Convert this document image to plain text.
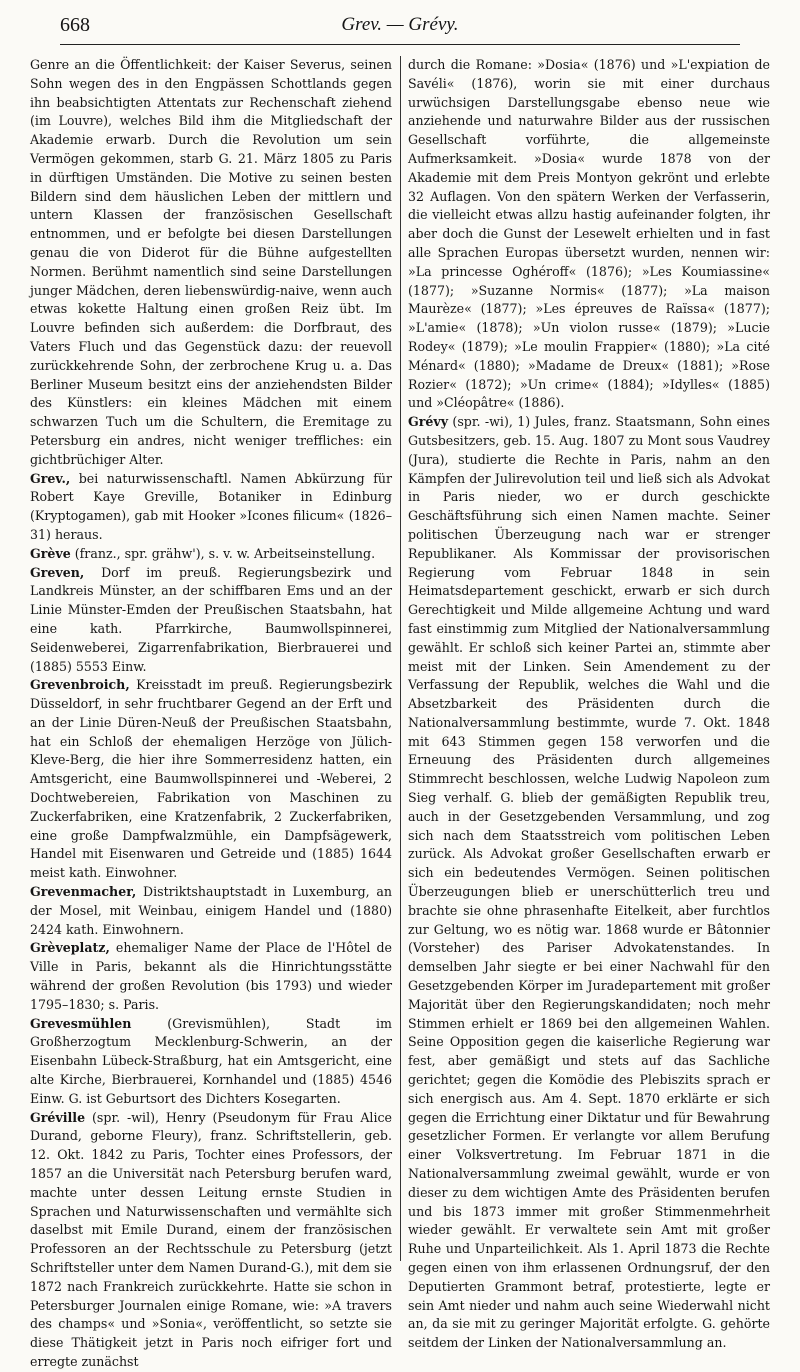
668	Grev. — Grévy.

Genre an die Öffentlichkeit: der Kaiser Severus, seinen Sohn wegen des in den Engpässen Schottlands gegen ihn beabsichtigten Attentats zur Rechenschaft ziehend (im Louvre), welches Bild ihm die Mitgliedschaft der Akademie erwarb. Durch die Revolution um sein Vermögen gekommen, starb G. 21. März 1805 zu Paris in dürftigen Umständen. Die Motive zu seinen besten Bildern sind dem häuslichen Leben der mittlern und untern Klassen der französischen Gesellschaft entnommen, und er befolgte bei diesen Darstellungen genau die von Diderot für die Bühne aufgestellten Normen. Berühmt namentlich sind seine Darstellungen junger Mädchen, deren liebenswürdig-naive, wenn auch etwas kokette Haltung einen großen Reiz übt. Im Louvre befinden sich außerdem: die Dorfbraut, des Vaters Fluch und das Gegenstück dazu: der reuevoll zurückkehrende Sohn, der zerbrochene Krug u. a. Das Berliner Museum besitzt eins der anziehendsten Bilder des Künstlers: ein kleines Mädchen mit einem schwarzen Tuch um die Schultern, die Eremitage zu Petersburg ein andres, nicht weniger treffliches: ein gichtbrüchiger Alter.

Grev., bei naturwissenschaftl. Namen Abkürzung für Robert Kaye Greville, Botaniker in Edinburg (Kryptogamen), gab mit Hooker »Icones filicum« (1826–31) heraus.

Grève (franz., spr. grähw'), s. v. w. Arbeitseinstellung.

Greven, Dorf im preuß. Regierungsbezirk und Landkreis Münster, an der schiffbaren Ems und an der Linie Münster-Emden der Preußischen Staatsbahn, hat eine kath. Pfarrkirche, Baumwollspinnerei, Seidenweberei, Zigarrenfabrikation, Bierbrauerei und (1885) 5553 Einw.

Grevenbroich, Kreisstadt im preuß. Regierungsbezirk Düsseldorf, in sehr fruchtbarer Gegend an der Erft und an der Linie Düren-Neuß der Preußischen Staatsbahn, hat ein Schloß der ehemaligen Herzöge von Jülich-Kleve-Berg, die hier ihre Sommerresidenz hatten, ein Amtsgericht, eine Baumwollspinnerei und -Weberei, 2 Dochtwebereien, Fabrikation von Maschinen zu Zuckerfabriken, eine Kratzenfabrik, 2 Zuckerfabriken, eine große Dampfwalzmühle, ein Dampfsägewerk, Handel mit Eisenwaren und Getreide und (1885) 1644 meist kath. Einwohner.

Grevenmacher, Distriktshauptstadt in Luxemburg, an der Mosel, mit Weinbau, einigem Handel und (1880) 2424 kath. Einwohnern.

Grèveplatz, ehemaliger Name der Place de l'Hôtel de Ville in Paris, bekannt als die Hinrichtungsstätte während der großen Revolution (bis 1793) und wieder 1795–1830; s. Paris.

Grevesmühlen (Grevismühlen), Stadt im Großherzogtum Mecklenburg-Schwerin, an der Eisenbahn Lübeck-Straßburg, hat ein Amtsgericht, eine alte Kirche, Bierbrauerei, Kornhandel und (1885) 4546 Einw. G. ist Geburtsort des Dichters Kosegarten.

Gréville (spr. -wil), Henry (Pseudonym für Frau Alice Durand, geborne Fleury), franz. Schriftstellerin, geb. 12. Okt. 1842 zu Paris, Tochter eines Professors, der 1857 an die Universität nach Petersburg berufen ward, machte unter dessen Leitung ernste Studien in Sprachen und Naturwissenschaften und vermählte sich daselbst mit Emile Durand, einem der französischen Professoren an der Rechtsschule zu Petersburg (jetzt Schriftsteller unter dem Namen Durand-G.), mit dem sie 1872 nach Frankreich zurückkehrte. Hatte sie schon in Petersburger Journalen einige Romane, wie: »A travers des champs« und »Sonia«, veröffentlicht, so setzte sie diese Thätigkeit jetzt in Paris noch eifriger fort und erregte zunächst

durch die Romane: »Dosia« (1876) und »L'expiation de Savéli« (1876), worin sie mit einer durchaus urwüchsigen Darstellungsgabe ebenso neue wie anziehende und naturwahre Bilder aus der russischen Gesellschaft vorführte, die allgemeinste Aufmerksamkeit. »Dosia« wurde 1878 von der Akademie mit dem Preis Montyon gekrönt und erlebte 32 Auflagen. Von den spätern Werken der Verfasserin, die vielleicht etwas allzu hastig aufeinander folgten, ihr aber doch die Gunst der Lesewelt erhielten und in fast alle Sprachen Europas übersetzt wurden, nennen wir: »La princesse Oghéroff« (1876); »Les Koumiassine« (1877); »Suzanne Normis« (1877); »La maison Maurèze« (1877); »Les épreuves de Raïssa« (1877); »L'amie« (1878); »Un violon russe« (1879); »Lucie Rodey« (1879); »Le moulin Frappier« (1880); »La cité Ménard« (1880); »Madame de Dreux« (1881); »Rose Rozier« (1872); »Un crime« (1884); »Idylles« (1885) und »Cléopâtre« (1886).

Grévy (spr. -wi), 1) Jules, franz. Staatsmann, Sohn eines Gutsbesitzers, geb. 15. Aug. 1807 zu Mont sous Vaudrey (Jura), studierte die Rechte in Paris, nahm an den Kämpfen der Julirevolution teil und ließ sich als Advokat in Paris nieder, wo er durch geschickte Geschäftsführung sich einen Namen machte. Seiner politischen Überzeugung nach war er strenger Republikaner. Als Kommissar der provisorischen Regierung vom Februar 1848 in sein Heimatsdepartement geschickt, erwarb er sich durch Gerechtigkeit und Milde allgemeine Achtung und ward fast einstimmig zum Mitglied der Nationalversammlung gewählt. Er schloß sich keiner Partei an, stimmte aber meist mit der Linken. Sein Amendement zu der Verfassung der Republik, welches die Wahl und die Absetzbarkeit des Präsidenten durch die Nationalversammlung bestimmte, wurde 7. Okt. 1848 mit 643 Stimmen gegen 158 verworfen und die Erneuung des Präsidenten durch allgemeines Stimmrecht beschlossen, welche Ludwig Napoleon zum Sieg verhalf. G. blieb der gemäßigten Republik treu, auch in der Gesetzgebenden Versammlung, und zog sich nach dem Staatsstreich vom politischen Leben zurück. Als Advokat großer Gesellschaften erwarb er sich ein bedeutendes Vermögen. Seinen politischen Überzeugungen blieb er unerschütterlich treu und brachte sie ohne phrasenhafte Eitelkeit, aber furchtlos zur Geltung, wo es nötig war. 1868 wurde er Bâtonnier (Vorsteher) des Pariser Advokatenstandes. In demselben Jahr siegte er bei einer Nachwahl für den Gesetzgebenden Körper im Juradepartement mit großer Majorität über den Regierungskandidaten; noch mehr Stimmen erhielt er 1869 bei den allgemeinen Wahlen. Seine Opposition gegen die kaiserliche Regierung war fest, aber gemäßigt und stets auf das Sachliche gerichtet; gegen die Komödie des Plebiszits sprach er sich energisch aus. Am 4. Sept. 1870 erklärte er sich gegen die Errichtung einer Diktatur und für Bewahrung gesetzlicher Formen. Er verlangte vor allem Berufung einer Volksvertretung. Im Februar 1871 in die Nationalversammlung zweimal gewählt, wurde er von dieser zu dem wichtigen Amte des Präsidenten berufen und bis 1873 immer mit großer Stimmenmehrheit wieder gewählt. Er verwaltete sein Amt mit großer Ruhe und Unparteilichkeit. Als 1. April 1873 die Rechte gegen einen von ihm erlassenen Ordnungsruf, der den Deputierten Grammont betraf, protestierte, legte er sein Amt nieder und nahm auch seine Wiederwahl nicht an, da sie mit zu geringer Majorität erfolgte. G. gehörte seitdem der Linken der Nationalversammlung an.
